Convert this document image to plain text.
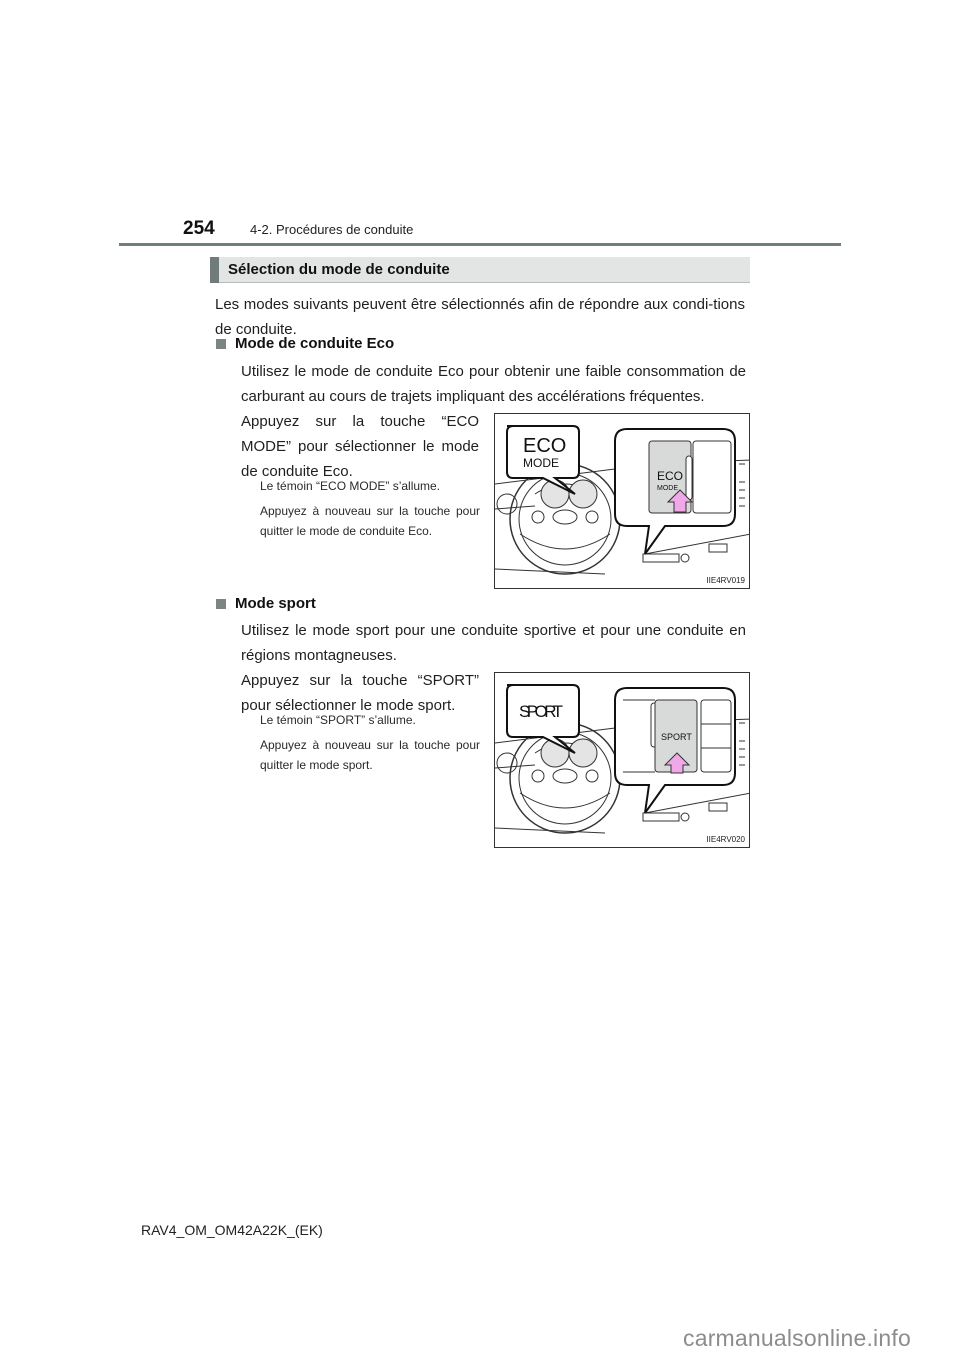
254	4-2. Procédures de conduite
Sélection du mode de conduite
Les modes suivants peuvent être sélectionnés afin de répondre aux condi-tions de conduite.
Mode de conduite Eco
Utilisez le mode de conduite Eco pour obtenir une faible consommation de carburant au cours de trajets impliquant des accélérations fréquentes.
Appuyez sur la touche “ECO MODE” pour sélectionner le mode de conduite Eco.
Le témoin “ECO MODE” s’allume.
Appuyez à nouveau sur la touche pour quitter le mode de conduite Eco.
ECO
MODE
ECO
MODE
IIE4RV019
Mode sport
Utilisez le mode sport pour une conduite sportive et pour une conduite en régions montagneuses.
Appuyez sur la touche “SPORT” pour sélectionner le mode sport.
Le témoin “SPORT” s’allume.
Appuyez à nouveau sur la touche pour quitter le mode sport.
SPORT
SPORT
IIE4RV020
RAV4_OM_OM42A22K_(EK)
carmanualsonline.info
